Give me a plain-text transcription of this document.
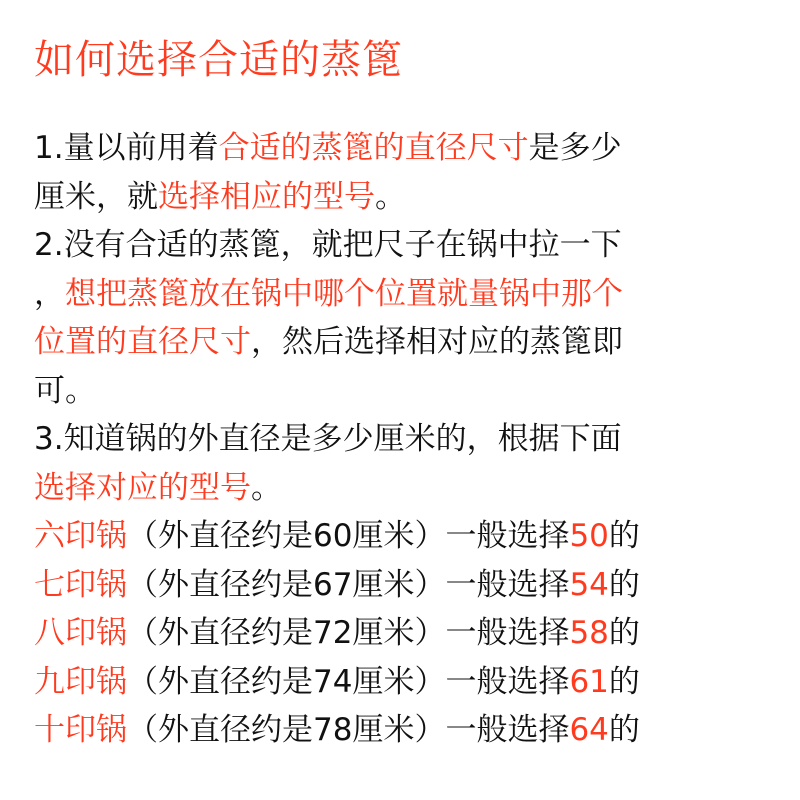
如何选择合适的蒸篦
1.量以前用着合适的蒸篦的直径尺寸是多少
厘米，就选择相应的型号。
2.没有合适的蒸篦，就把尺子在锅中拉一下
，想把蒸篦放在锅中哪个位置就量锅中那个
位置的直径尺寸，然后选择相对应的蒸篦即
可。
3.知道锅的外直径是多少厘米的，根据下面
选择对应的型号。
六印锅（外直径约是60厘米）一般选择50的
七印锅（外直径约是67厘米）一般选择54的
八印锅（外直径约是72厘米）一般选择58的
九印锅（外直径约是74厘米）一般选择61的
十印锅（外直径约是78厘米）一般选择64的
